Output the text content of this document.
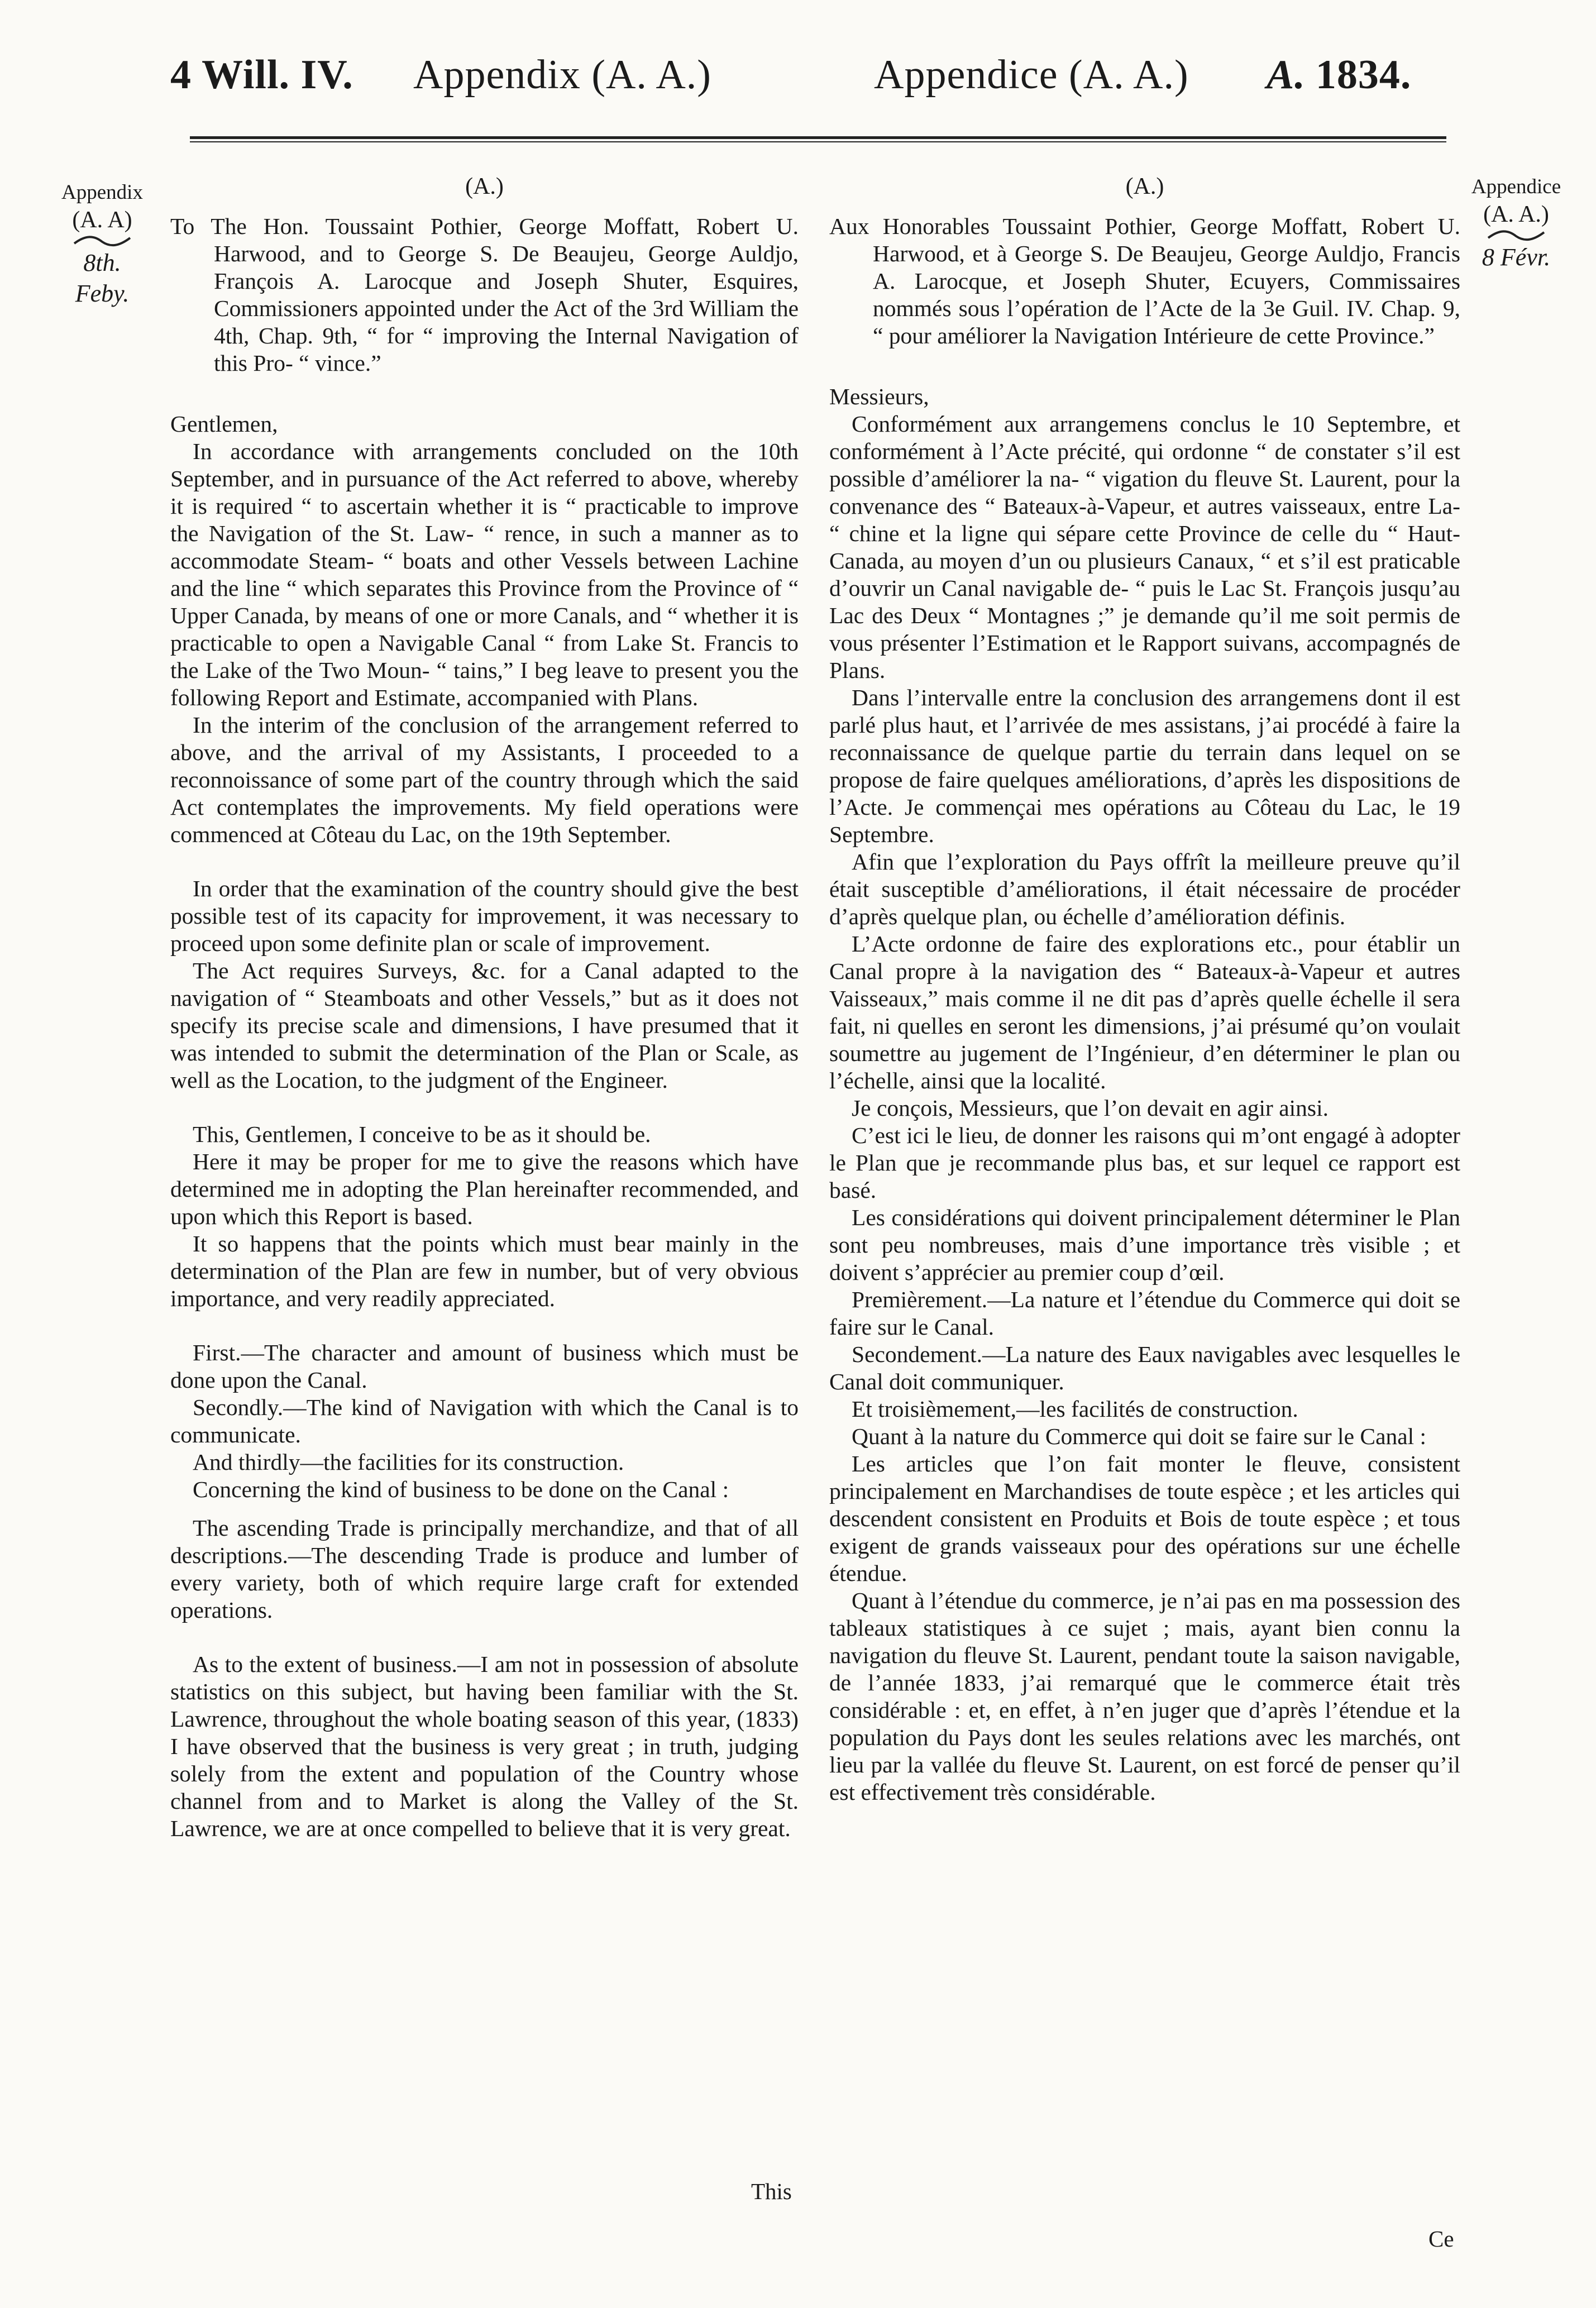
4 Will. IV. Appendix (A. A.)	Appendice (A. A.) A. 1834.
Appendix
(A. A)
8th. Feby.
Appendice
(A. A.)
8 Févr.

(A.)

To The Hon. Toussaint Pothier, George Moffatt, Robert U. Harwood, and to George S. De Beaujeu, George Auldjo, François A. Larocque and Joseph Shuter, Esquires, Commissioners appointed under the Act of the 3rd William the 4th, Chap. 9th, “ for “ improving the Internal Navigation of this Pro- “ vince.”

Gentlemen,

In accordance with arrangements concluded on the 10th September, and in pursuance of the Act referred to above, whereby it is required “ to ascertain whether it is “ practicable to improve the Navigation of the St. Law- “ rence, in such a manner as to accommodate Steam- “ boats and other Vessels between Lachine and the line “ which separates this Province from the Province of “ Upper Canada, by means of one or more Canals, and “ whether it is practicable to open a Navigable Canal “ from Lake St. Francis to the Lake of the Two Moun- “ tains,” I beg leave to present you the following Report and Estimate, accompanied with Plans.

In the interim of the conclusion of the arrangement referred to above, and the arrival of my Assistants, I proceeded to a reconnoissance of some part of the country through which the said Act contemplates the improvements. My field operations were commenced at Côteau du Lac, on the 19th September.

In order that the examination of the country should give the best possible test of its capacity for improvement, it was necessary to proceed upon some definite plan or scale of improvement.

The Act requires Surveys, &c. for a Canal adapted to the navigation of “ Steamboats and other Vessels,” but as it does not specify its precise scale and dimensions, I have presumed that it was intended to submit the determination of the Plan or Scale, as well as the Location, to the judgment of the Engineer.

This, Gentlemen, I conceive to be as it should be.

Here it may be proper for me to give the reasons which have determined me in adopting the Plan hereinafter recommended, and upon which this Report is based.

It so happens that the points which must bear mainly in the determination of the Plan are few in number, but of very obvious importance, and very readily appreciated.

First.—The character and amount of business which must be done upon the Canal.

Secondly.—The kind of Navigation with which the Canal is to communicate.

And thirdly—the facilities for its construction.

Concerning the kind of business to be done on the Canal :

The ascending Trade is principally merchandize, and that of all descriptions.—The descending Trade is produce and lumber of every variety, both of which require large craft for extended operations.

As to the extent of business.—I am not in possession of absolute statistics on this subject, but having been familiar with the St. Lawrence, throughout the whole boating season of this year, (1833) I have observed that the business is very great ; in truth, judging solely from the extent and population of the Country whose channel from and to Market is along the Valley of the St. Lawrence, we are at once compelled to believe that it is very great.

(A.)

Aux Honorables Toussaint Pothier, George Moffatt, Robert U. Harwood, et à George S. De Beaujeu, George Auldjo, Francis A. Larocque, et Joseph Shuter, Ecuyers, Commissaires nommés sous l’opération de l’Acte de la 3e Guil. IV. Chap. 9, “ pour améliorer la Navigation Intérieure de cette Province.”

Messieurs,

Conformément aux arrangemens conclus le 10 Septembre, et conformément à l’Acte précité, qui ordonne “ de constater s’il est possible d’améliorer la na- “ vigation du fleuve St. Laurent, pour la convenance des “ Bateaux-à-Vapeur, et autres vaisseaux, entre La- “ chine et la ligne qui sépare cette Province de celle du “ Haut-Canada, au moyen d’un ou plusieurs Canaux, “ et s’il est praticable d’ouvrir un Canal navigable de- “ puis le Lac St. François jusqu’au Lac des Deux “ Montagnes ;” je demande qu’il me soit permis de vous présenter l’Estimation et le Rapport suivans, accompagnés de Plans.

Dans l’intervalle entre la conclusion des arrangemens dont il est parlé plus haut, et l’arrivée de mes assistans, j’ai procédé à faire la reconnaissance de quelque partie du terrain dans lequel on se propose de faire quelques améliorations, d’après les dispositions de l’Acte. Je commençai mes opérations au Côteau du Lac, le 19 Septembre.

Afin que l’exploration du Pays offrît la meilleure preuve qu’il était susceptible d’améliorations, il était nécessaire de procéder d’après quelque plan, ou échelle d’amélioration définis.

L’Acte ordonne de faire des explorations etc., pour établir un Canal propre à la navigation des “ Bateaux-à-Vapeur et autres Vaisseaux,” mais comme il ne dit pas d’après quelle échelle il sera fait, ni quelles en seront les dimensions, j’ai présumé qu’on voulait soumettre au jugement de l’Ingénieur, d’en déterminer le plan ou l’échelle, ainsi que la localité.

Je conçois, Messieurs, que l’on devait en agir ainsi.

C’est ici le lieu, de donner les raisons qui m’ont engagé à adopter le Plan que je recommande plus bas, et sur lequel ce rapport est basé.

Les considérations qui doivent principalement déterminer le Plan sont peu nombreuses, mais d’une importance très visible ; et doivent s’apprécier au premier coup d’œil.

Premièrement.—La nature et l’étendue du Commerce qui doit se faire sur le Canal.

Secondement.—La nature des Eaux navigables avec lesquelles le Canal doit communiquer.

Et troisièmement,—les facilités de construction.

Quant à la nature du Commerce qui doit se faire sur le Canal :

Les articles que l’on fait monter le fleuve, consistent principalement en Marchandises de toute espèce ; et les articles qui descendent consistent en Produits et Bois de toute espèce ; et tous exigent de grands vaisseaux pour des opérations sur une échelle étendue.

Quant à l’étendue du commerce, je n’ai pas en ma possession des tableaux statistiques à ce sujet ; mais, ayant bien connu la navigation du fleuve St. Laurent, pendant toute la saison navigable, de l’année 1833, j’ai remarqué que le commerce était très considérable : et, en effet, à n’en juger que d’après l’étendue et la population du Pays dont les seules relations avec les marchés, ont lieu par la vallée du fleuve St. Laurent, on est forcé de penser qu’il est effectivement très considérable.

This
Ce
